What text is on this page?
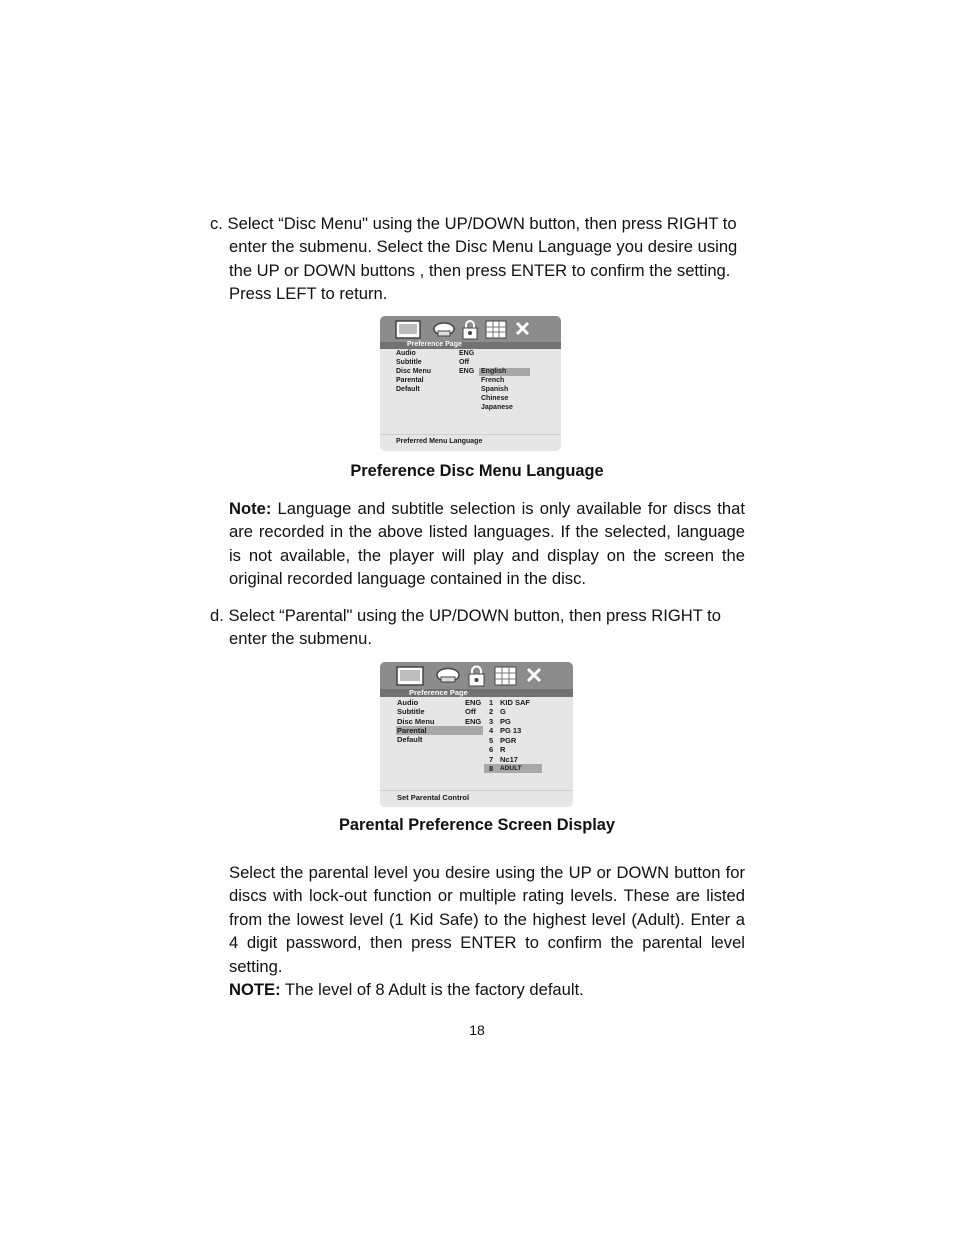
c. Select “Disc Menu" using the UP/DOWN button, then press RIGHT to
enter the submenu. Select the Disc Menu Language you desire using
the UP or DOWN buttons , then press ENTER to confirm the setting.
Press LEFT to return.
Preference Page
Audio
Subtitle
Disc Menu
Parental
Default
ENG
Off
ENG English
French
Spanish
Chinese
Japanese
Preferred Menu Language
Preference Disc Menu Language
Note: Language and subtitle selection is only available for discs that
are recorded in the above listed languages. If the selected, language
is not available, the player will play and display on the screen the
original recorded language contained in the disc.
d. Select “Parental" using the UP/DOWN button, then press RIGHT to
enter the submenu.
Preference Page
Audio
Subtitle
Disc Menu
Parental
Default
ENG
Off
ENG
1 KID SAF
2 G
3 PG
4 PG 13
5 PGR
6 R
7 Nc17
8 ADULT
Set Parental Control
Parental Preference Screen Display
Select the parental level you desire using the UP or DOWN button for
discs with lock-out function or multiple rating levels. These are listed
from the lowest level (1 Kid Safe) to the highest level (Adult). Enter a
4 digit password, then press ENTER to confirm the parental level
setting.
NOTE: The level of 8 Adult is the factory default.
18
